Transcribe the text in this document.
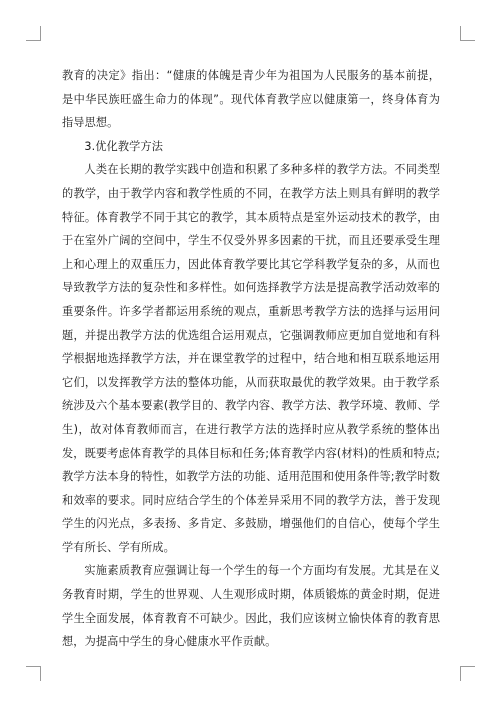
教育的决定》指出：“健康的体魄是青少年为祖国为人民服务的基本前提，是中华民族旺盛生命力的体现”。现代体育教学应以健康第一，终身体育为指导思想。

3.优化教学方法

人类在长期的教学实践中创造和积累了多种多样的教学方法。不同类型的教学，由于教学内容和教学性质的不同，在教学方法上则具有鲜明的教学特征。体育教学不同于其它的教学，其本质特点是室外运动技术的教学，由于在室外广阔的空间中，学生不仅受外界多因素的干扰，而且还要承受生理上和心理上的双重压力，因此体育教学要比其它学科教学复杂的多，从而也导致教学方法的复杂性和多样性。如何选择教学方法是提高教学活动效率的重要条件。许多学者都运用系统的观点，重新思考教学方法的选择与运用问题，并提出教学方法的优选组合运用观点，它强调教师应更加自觉地和有科学根据地选择教学方法，并在课堂教学的过程中，结合地和相互联系地运用它们，以发挥教学方法的整体功能，从而获取最优的教学效果。由于教学系统涉及六个基本要素(教学目的、教学内容、教学方法、教学环境、教师、学生)，故对体育教师而言，在进行教学方法的选择时应从教学系统的整体出发，既要考虑体育教学的具体目标和任务;体育教学内容(材料)的性质和特点;教学方法本身的特性，如教学方法的功能、适用范围和使用条件等;教学时数和效率的要求。同时应结合学生的个体差异采用不同的教学方法，善于发现学生的闪光点，多表扬、多肯定、多鼓励，增强他们的自信心，使每个学生学有所长、学有所成。

实施素质教育应强调让每一个学生的每一个方面均有发展。尤其是在义务教育时期，学生的世界观、人生观形成时期，体质锻炼的黄金时期，促进学生全面发展，体育教育不可缺少。因此，我们应该树立愉快体育的教育思想，为提高中学生的身心健康水平作贡献。
